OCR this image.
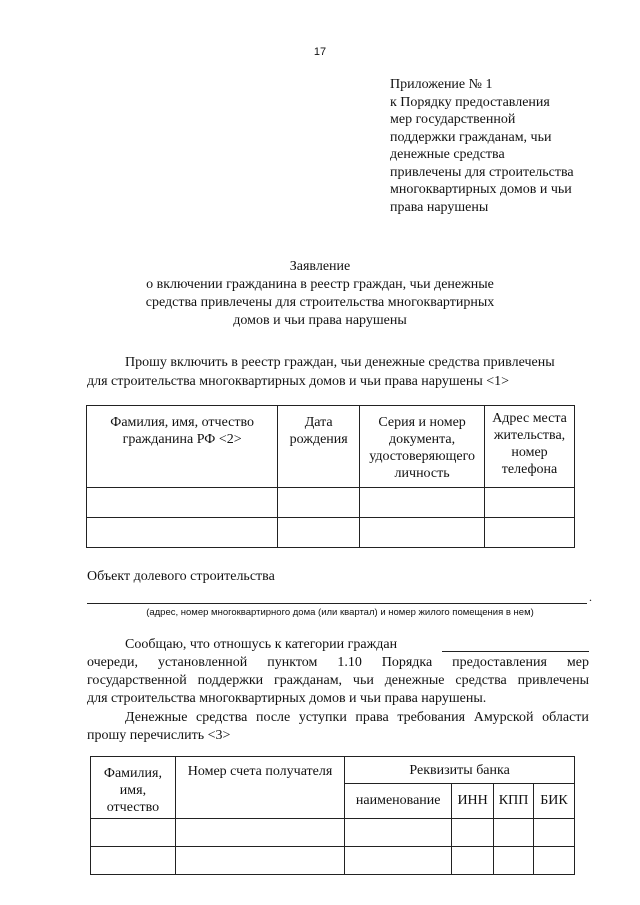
17
Приложение № 1
к Порядку предоставления
мер государственной
поддержки гражданам, чьи
денежные средства
привлечены для строительства
многоквартирных домов и чьи
права нарушены
Заявление
о включении гражданина в реестр граждан, чьи денежные
средства привлечены для строительства многоквартирных
домов и чьи права нарушены
Прошу включить в реестр граждан, чьи денежные средства привлечены
для строительства многоквартирных домов и чьи права нарушены <1>
Фамилия, имя, отчество гражданина РФ <2>	Дата рождения	Серия и номер документа, удостоверяющего личность	Адрес места жительства, номер телефона

Объект долевого строительства
.
(адрес, номер многоквартирного дома (или квартал) и номер жилого помещения в нем)
Сообщаю, что отношусь к категории граждан
очереди, установленной пунктом 1.10 Порядка предоставления мер
государственной поддержки гражданам, чьи денежные средства привлечены
для строительства многоквартирных домов и чьи права нарушены.
Денежные средства после уступки права требования Амурской области
прошу перечислить <3>
Фамилия, имя, отчество	Номер счета получателя	Реквизиты банка			
		наименование	ИНН	КПП	БИК
